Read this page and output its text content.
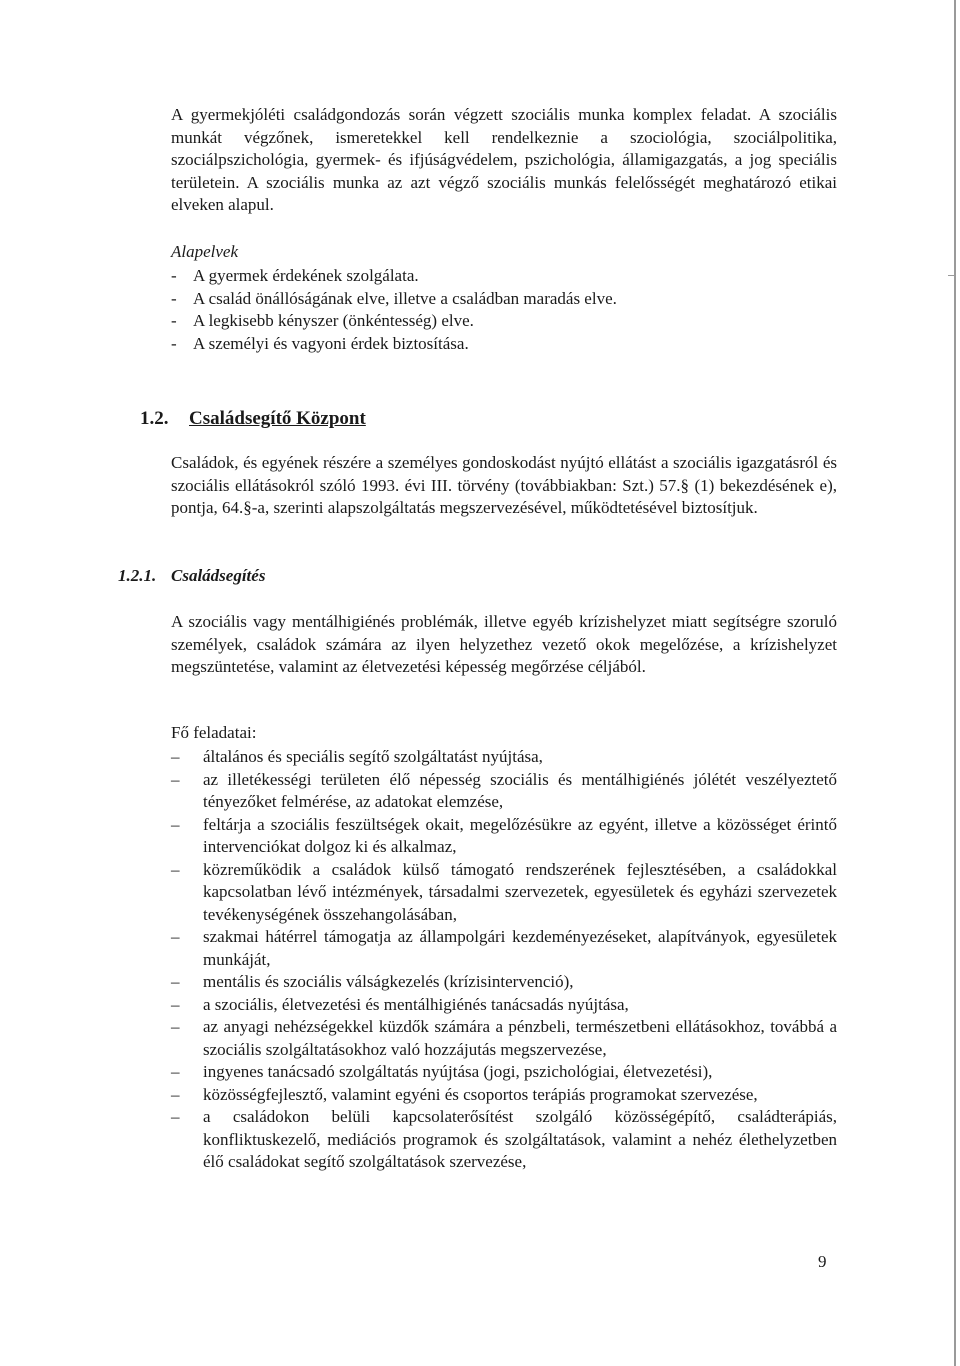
A gyermekjóléti családgondozás során végzett szociális munka komplex feladat. A szociális munkát végzőnek, ismeretekkel kell rendelkeznie a szociológia, szociálpolitika, szociálpszichológia, gyermek- és ifjúságvédelem, pszichológia, államigazgatás, a jog speciális területein. A szociális munka az azt végző szociális munkás felelősségét meghatározó etikai elveken alapul.

Alapelvek
- A gyermek érdekének szolgálata.
- A család önállóságának elve, illetve a családban maradás elve.
- A legkisebb kényszer (önkéntesség) elve.
- A személyi és vagyoni érdek biztosítása.
1.2. Családsegítő Központ

Családok, és egyének részére a személyes gondoskodást nyújtó ellátást a szociális igazgatásról és szociális ellátásokról szóló 1993. évi III. törvény (továbbiakban: Szt.) 57.§ (1) bekezdésének e), pontja, 64.§-a, szerinti alapszolgáltatás megszervezésével, működtetésével biztosítjuk.

1.2.1. Családsegítés

A szociális vagy mentálhigiénés problémák, illetve egyéb krízishelyzet miatt segítségre szoruló személyek, családok számára az ilyen helyzethez vezető okok megelőzése, a krízishelyzet megszüntetése, valamint az életvezetési képesség megőrzése céljából.

Fő feladatai:
– általános és speciális segítő szolgáltatást nyújtása,
– az illetékességi területen élő népesség szociális és mentálhigiénés jólétét veszélyeztető tényezőket felmérése, az adatokat elemzése,
– feltárja a szociális feszültségek okait, megelőzésükre az egyént, illetve a közösséget érintő intervenciókat dolgoz ki és alkalmaz,
– közreműködik a családok külső támogató rendszerének fejlesztésében, a családokkal kapcsolatban lévő intézmények, társadalmi szervezetek, egyesületek és egyházi szervezetek tevékenységének összehangolásában,
– szakmai hátérrel támogatja az állampolgári kezdeményezéseket, alapítványok, egyesületek munkáját,
– mentális és szociális válságkezelés (krízisintervenció),
– a szociális, életvezetési és mentálhigiénés tanácsadás nyújtása,
– az anyagi nehézségekkel küzdők számára a pénzbeli, természetbeni ellátásokhoz, továbbá a szociális szolgáltatásokhoz való hozzájutás megszervezése,
– ingyenes tanácsadó szolgáltatás nyújtása (jogi, pszichológiai, életvezetési),
– közösségfejlesztő, valamint egyéni és csoportos terápiás programokat szervezése,
– a családokon belüli kapcsolaterősítést szolgáló közösségépítő, családterápiás, konfliktuskezelő, mediációs programok és szolgáltatások, valamint a nehéz élethelyzetben élő családokat segítő szolgáltatások szervezése,
9
